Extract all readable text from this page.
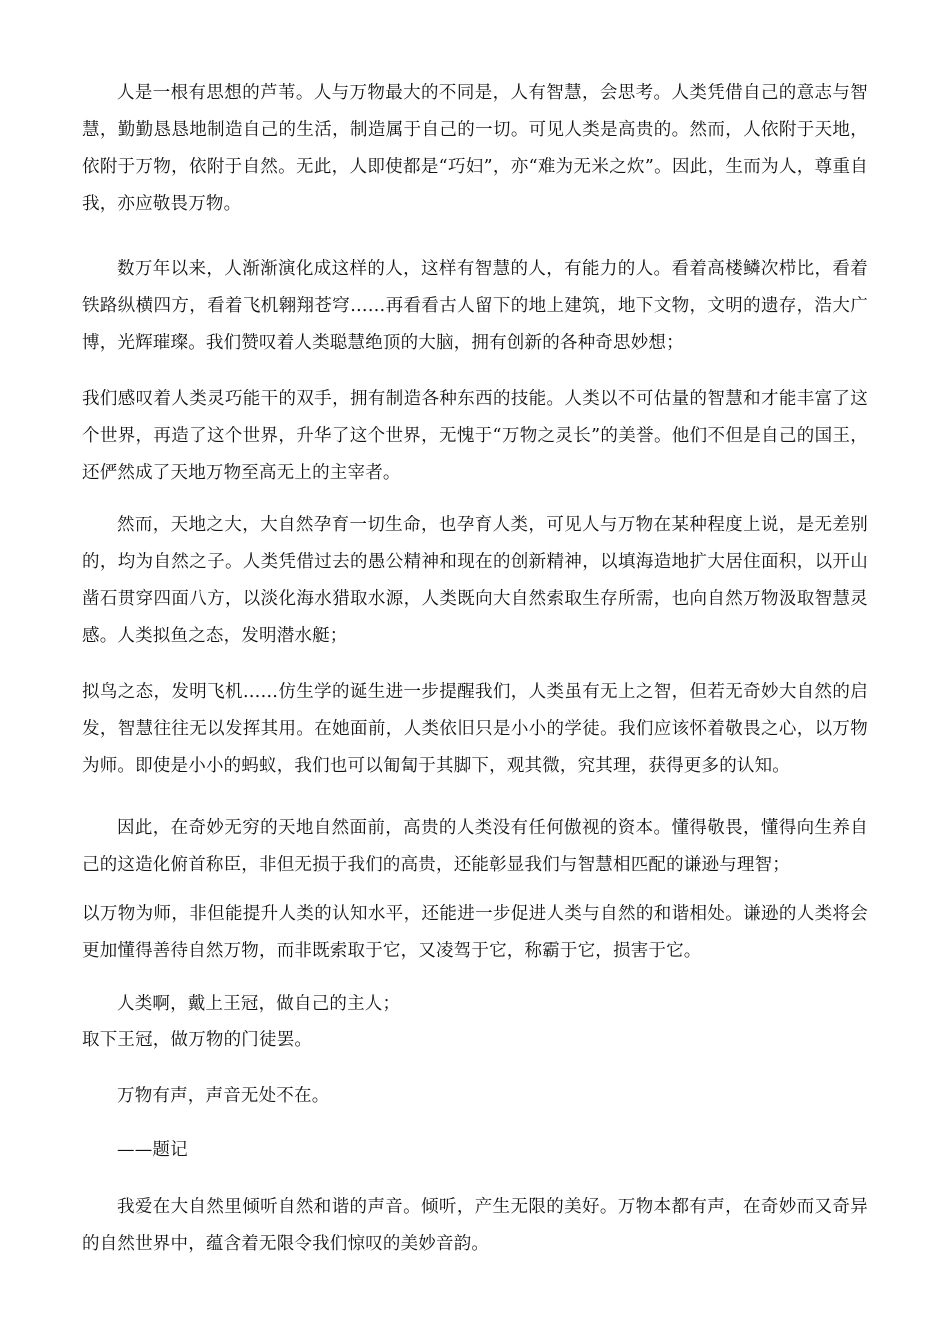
人是一根有思想的芦苇。人与万物最大的不同是，人有智慧，会思考。人类凭借自己的意志与智慧，勤勤恳恳地制造自己的生活，制造属于自己的一切。可见人类是高贵的。然而，人依附于天地，依附于万物，依附于自然。无此，人即使都是“巧妇”，亦“难为无米之炊”。因此，生而为人，尊重自我，亦应敬畏万物。

数万年以来，人渐渐演化成这样的人，这样有智慧的人，有能力的人。看着高楼鳞次栉比，看着铁路纵横四方，看着飞机翱翔苍穹……再看看古人留下的地上建筑，地下文物，文明的遗存，浩大广博，光辉璀璨。我们赞叹着人类聪慧绝顶的大脑，拥有创新的各种奇思妙想；

我们感叹着人类灵巧能干的双手，拥有制造各种东西的技能。人类以不可估量的智慧和才能丰富了这个世界，再造了这个世界，升华了这个世界，无愧于“万物之灵长”的美誉。他们不但是自己的国王，还俨然成了天地万物至高无上的主宰者。

然而，天地之大，大自然孕育一切生命，也孕育人类，可见人与万物在某种程度上说，是无差别的，均为自然之子。人类凭借过去的愚公精神和现在的创新精神，以填海造地扩大居住面积，以开山凿石贯穿四面八方，以淡化海水猎取水源，人类既向大自然索取生存所需，也向自然万物汲取智慧灵感。人类拟鱼之态，发明潜水艇；

拟鸟之态，发明飞机……仿生学的诞生进一步提醒我们，人类虽有无上之智，但若无奇妙大自然的启发，智慧往往无以发挥其用。在她面前，人类依旧只是小小的学徒。我们应该怀着敬畏之心，以万物为师。即使是小小的蚂蚁，我们也可以匍匐于其脚下，观其微，究其理，获得更多的认知。

因此，在奇妙无穷的天地自然面前，高贵的人类没有任何傲视的资本。懂得敬畏，懂得向生养自己的这造化俯首称臣，非但无损于我们的高贵，还能彰显我们与智慧相匹配的谦逊与理智；

以万物为师，非但能提升人类的认知水平，还能进一步促进人类与自然的和谐相处。谦逊的人类将会更加懂得善待自然万物，而非既索取于它，又凌驾于它，称霸于它，损害于它。

人类啊，戴上王冠，做自己的主人；

取下王冠，做万物的门徒罢。

万物有声，声音无处不在。

——题记

我爱在大自然里倾听自然和谐的声音。倾听，产生无限的美好。万物本都有声，在奇妙而又奇异的自然世界中，蕴含着无限令我们惊叹的美妙音韵。
